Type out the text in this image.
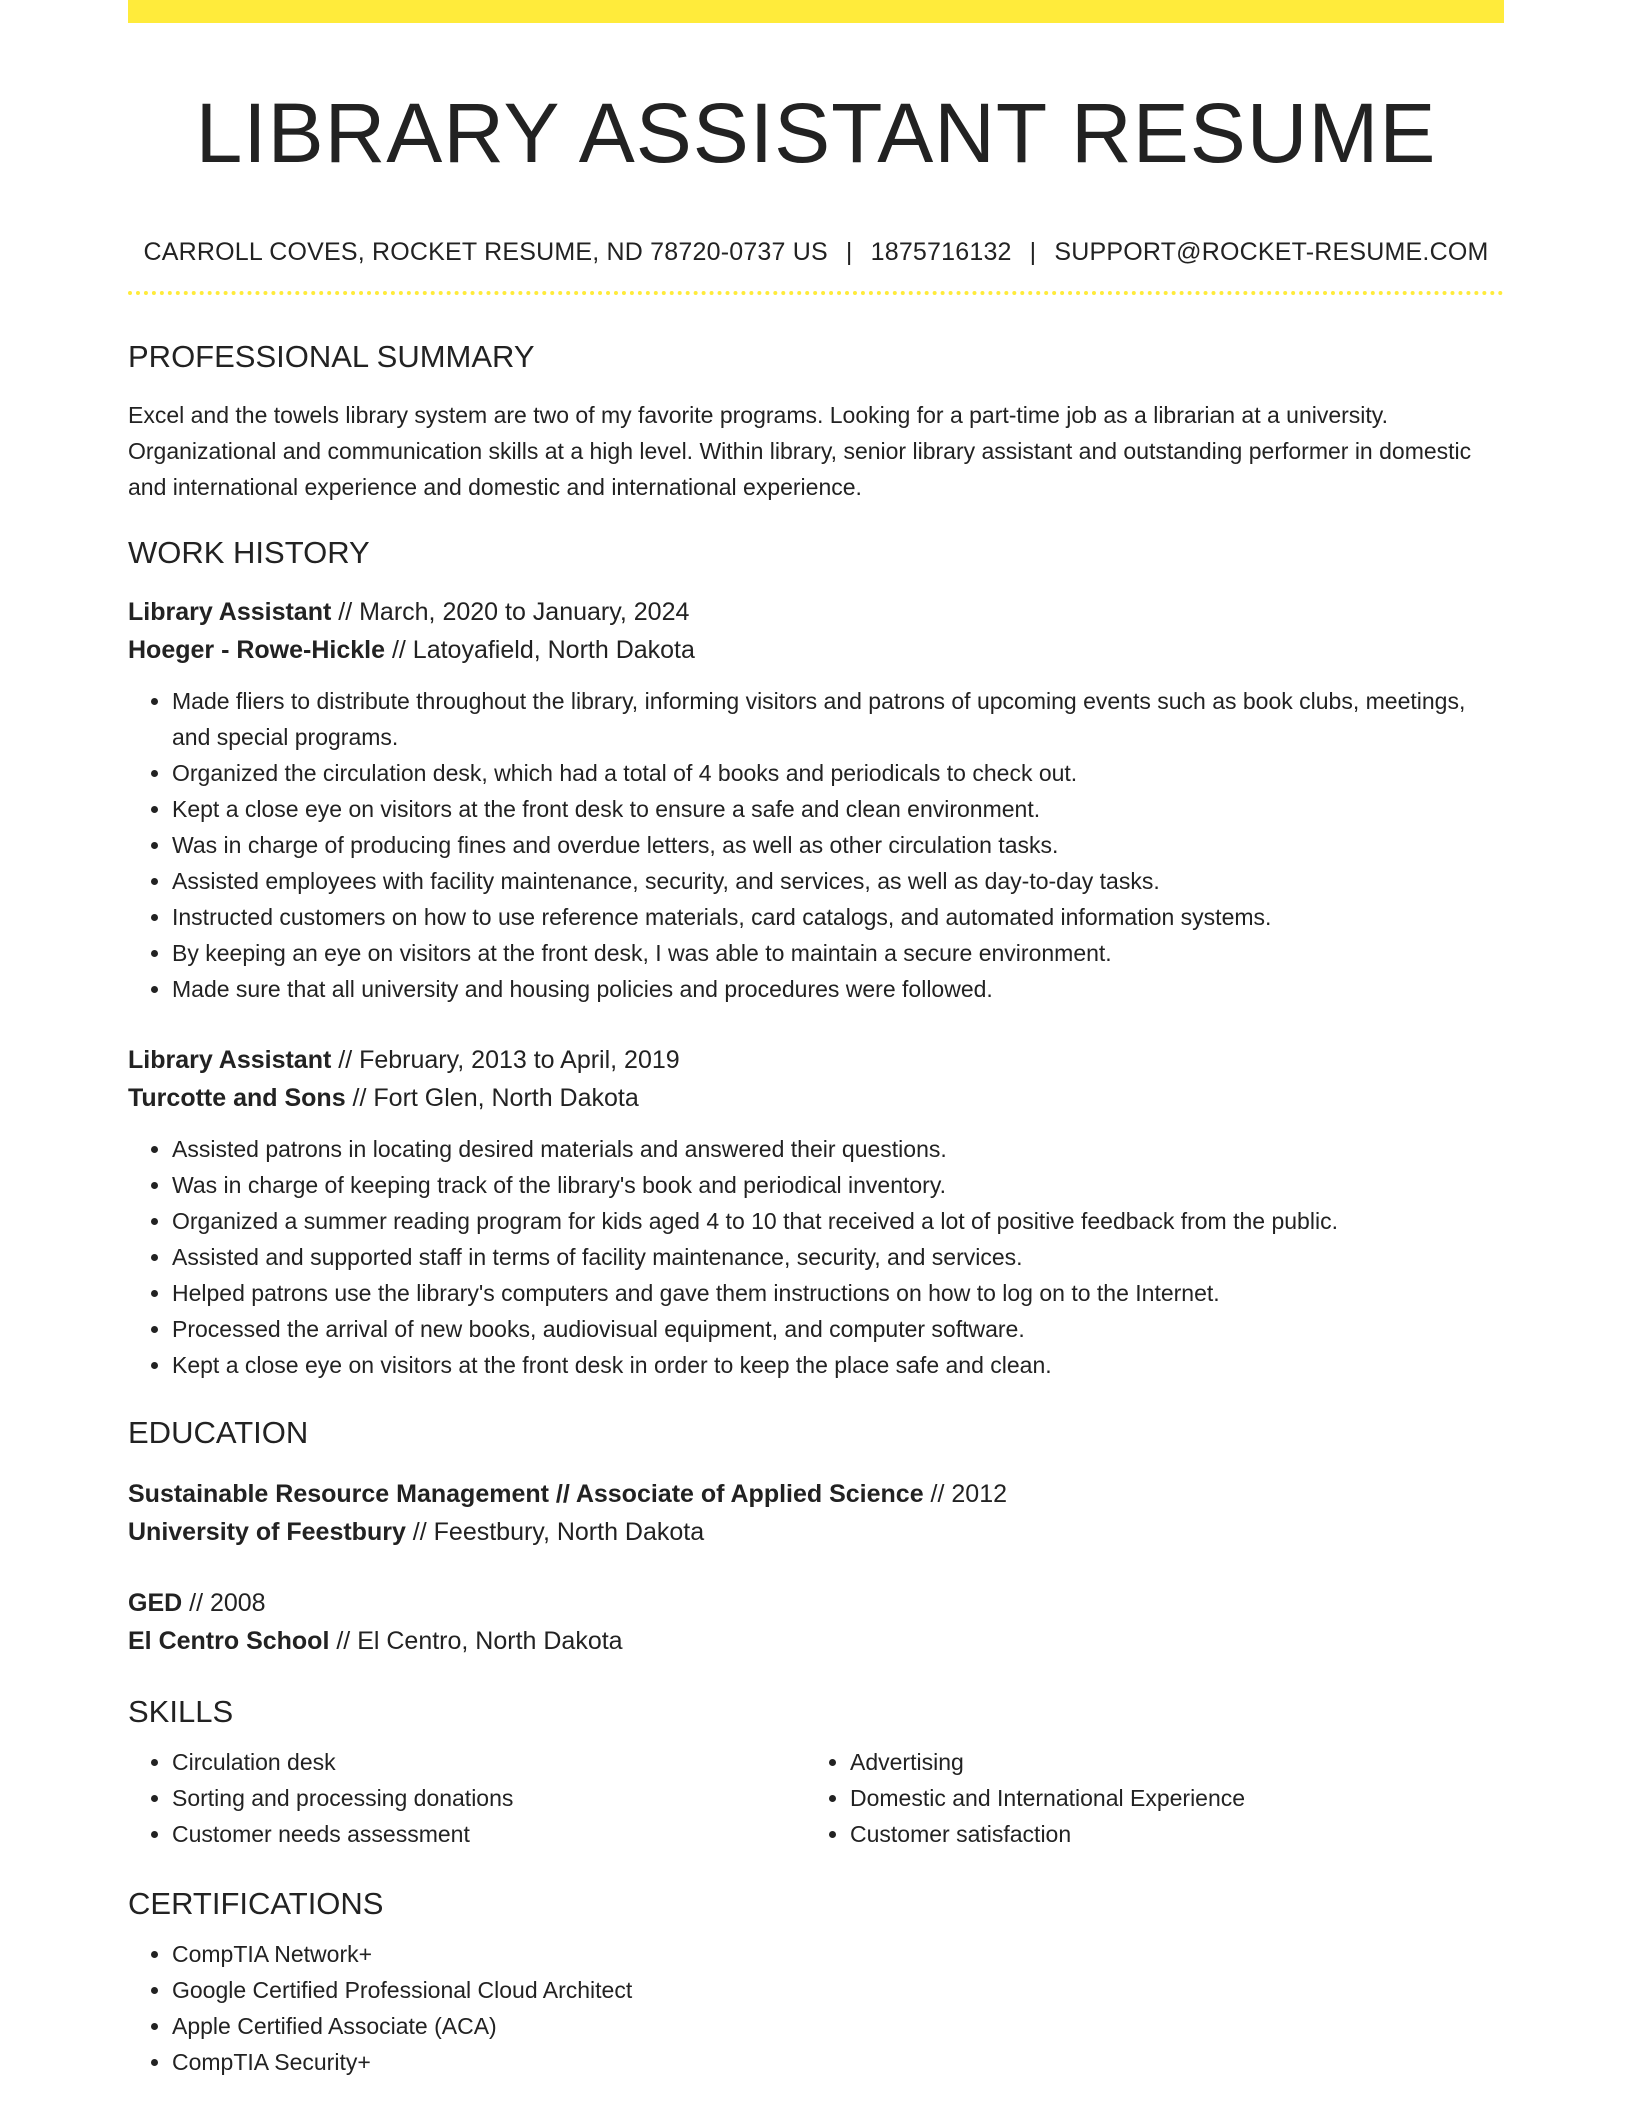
LIBRARY ASSISTANT RESUME
CARROLL COVES, ROCKET RESUME, ND 78720-0737 US | 1875716132 | SUPPORT@ROCKET-RESUME.COM
PROFESSIONAL SUMMARY
Excel and the towels library system are two of my favorite programs. Looking for a part-time job as a librarian at a university. Organizational and communication skills at a high level. Within library, senior library assistant and outstanding performer in domestic and international experience and domestic and international experience.
WORK HISTORY
Library Assistant // March, 2020 to January, 2024
Hoeger - Rowe-Hickle // Latoyafield, North Dakota
• Made fliers to distribute throughout the library, informing visitors and patrons of upcoming events such as book clubs, meetings, and special programs.
• Organized the circulation desk, which had a total of 4 books and periodicals to check out.
• Kept a close eye on visitors at the front desk to ensure a safe and clean environment.
• Was in charge of producing fines and overdue letters, as well as other circulation tasks.
• Assisted employees with facility maintenance, security, and services, as well as day-to-day tasks.
• Instructed customers on how to use reference materials, card catalogs, and automated information systems.
• By keeping an eye on visitors at the front desk, I was able to maintain a secure environment.
• Made sure that all university and housing policies and procedures were followed.
Library Assistant // February, 2013 to April, 2019
Turcotte and Sons // Fort Glen, North Dakota
• Assisted patrons in locating desired materials and answered their questions.
• Was in charge of keeping track of the library's book and periodical inventory.
• Organized a summer reading program for kids aged 4 to 10 that received a lot of positive feedback from the public.
• Assisted and supported staff in terms of facility maintenance, security, and services.
• Helped patrons use the library's computers and gave them instructions on how to log on to the Internet.
• Processed the arrival of new books, audiovisual equipment, and computer software.
• Kept a close eye on visitors at the front desk in order to keep the place safe and clean.
EDUCATION
Sustainable Resource Management // Associate of Applied Science // 2012
University of Feestbury // Feestbury, North Dakota
GED // 2008
El Centro School // El Centro, North Dakota
SKILLS
• Circulation desk
• Sorting and processing donations
• Customer needs assessment
• Advertising
• Domestic and International Experience
• Customer satisfaction
CERTIFICATIONS
• CompTIA Network+
• Google Certified Professional Cloud Architect
• Apple Certified Associate (ACA)
• CompTIA Security+
